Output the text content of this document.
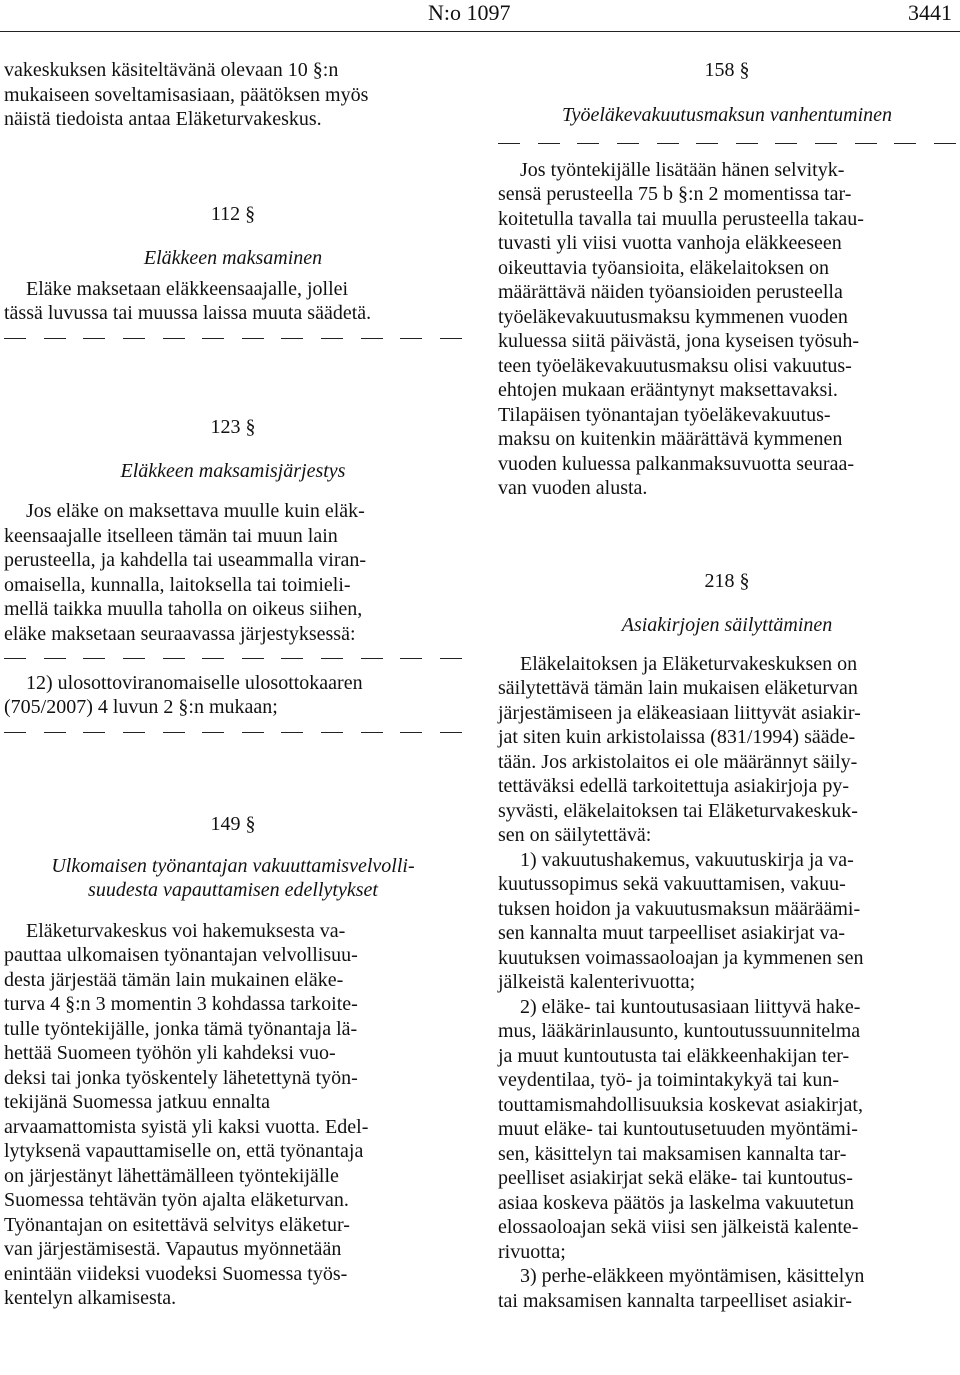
N:o 1097	3441

vakeskuksen käsiteltävänä olevaan 10 §:n
mukaiseen soveltamisasiaan, päätöksen myös
näistä tiedoista antaa Eläketurvakeskus.

112 §

Eläkkeen maksaminen

Eläke maksetaan eläkkeensaajalle, jollei
tässä luvussa tai muussa laissa muuta säädetä.

123 §

Eläkkeen maksamisjärjestys

Jos eläke on maksettava muulle kuin eläk-
keensaajalle itselleen tämän tai muun lain
perusteella, ja kahdella tai useammalla viran-
omaisella, kunnalla, laitoksella tai toimieli-
mellä taikka muulla taholla on oikeus siihen,
eläke maksetaan seuraavassa järjestyksessä:

12) ulosottoviranomaiselle ulosottokaaren
(705/2007) 4 luvun 2 §:n mukaan;

149 §

Ulkomaisen työnantajan vakuuttamisvelvolli-
suudesta vapauttamisen edellytykset

Eläketurvakeskus voi hakemuksesta va-
pauttaa ulkomaisen työnantajan velvollisuu-
desta järjestää tämän lain mukainen eläke-
turva 4 §:n 3 momentin 3 kohdassa tarkoite-
tulle työntekijälle, jonka tämä työnantaja lä-
hettää Suomeen työhön yli kahdeksi vuo-
deksi tai jonka työskentely lähetettynä työn-
tekijänä Suomessa jatkuu ennalta
arvaamattomista syistä yli kaksi vuotta. Edel-
lytyksenä vapauttamiselle on, että työnantaja
on järjestänyt lähettämälleen työntekijälle
Suomessa tehtävän työn ajalta eläketurvan.
Työnantajan on esitettävä selvitys eläketur-
van järjestämisestä. Vapautus myönnetään
enintään viideksi vuodeksi Suomessa työs-
kentelyn alkamisesta.

158 §

Työeläkevakuutusmaksun vanhentuminen

Jos työntekijälle lisätään hänen selvityk-
sensä perusteella 75 b §:n 2 momentissa tar-
koitetulla tavalla tai muulla perusteella takau-
tuvasti yli viisi vuotta vanhoja eläkkeeseen
oikeuttavia työansioita, eläkelaitoksen on
määrättävä näiden työansioiden perusteella
työeläkevakuutusmaksu kymmenen vuoden
kuluessa siitä päivästä, jona kyseisen työsuh-
teen työeläkevakuutusmaksu olisi vakuutus-
ehtojen mukaan erääntynyt maksettavaksi.
Tilapäisen työnantajan työeläkevakuutus-
maksu on kuitenkin määrättävä kymmenen
vuoden kuluessa palkanmaksuvuotta seuraa-
van vuoden alusta.

218 §

Asiakirjojen säilyttäminen

Eläkelaitoksen ja Eläketurvakeskuksen on
säilytettävä tämän lain mukaisen eläketurvan
järjestämiseen ja eläkeasiaan liittyvät asiakir-
jat siten kuin arkistolaissa (831/1994) sääde-
tään. Jos arkistolaitos ei ole määrännyt säily-
tettäväksi edellä tarkoitettuja asiakirjoja py-
syvästi, eläkelaitoksen tai Eläketurvakeskuk-
sen on säilytettävä:

1) vakuutushakemus, vakuutuskirja ja va-
kuutussopimus sekä vakuuttamisen, vakuu-
tuksen hoidon ja vakuutusmaksun määräämi-
sen kannalta muut tarpeelliset asiakirjat va-
kuutuksen voimassaoloajan ja kymmenen sen
jälkeistä kalenterivuotta;

2) eläke- tai kuntoutusasiaan liittyvä hake-
mus, lääkärinlausunto, kuntoutussuunnitelma
ja muut kuntoutusta tai eläkkeenhakijan ter-
veydentilaa, työ- ja toimintakykyä tai kun-
touttamismahdollisuuksia koskevat asiakirjat,
muut eläke- tai kuntoutusetuuden myöntämi-
sen, käsittelyn tai maksamisen kannalta tar-
peelliset asiakirjat sekä eläke- tai kuntoutus-
asiaa koskeva päätös ja laskelma vakuutetun
elossaoloajan sekä viisi sen jälkeistä kalente-
rivuotta;

3) perhe-eläkkeen myöntämisen, käsittelyn
tai maksamisen kannalta tarpeelliset asiakir-
